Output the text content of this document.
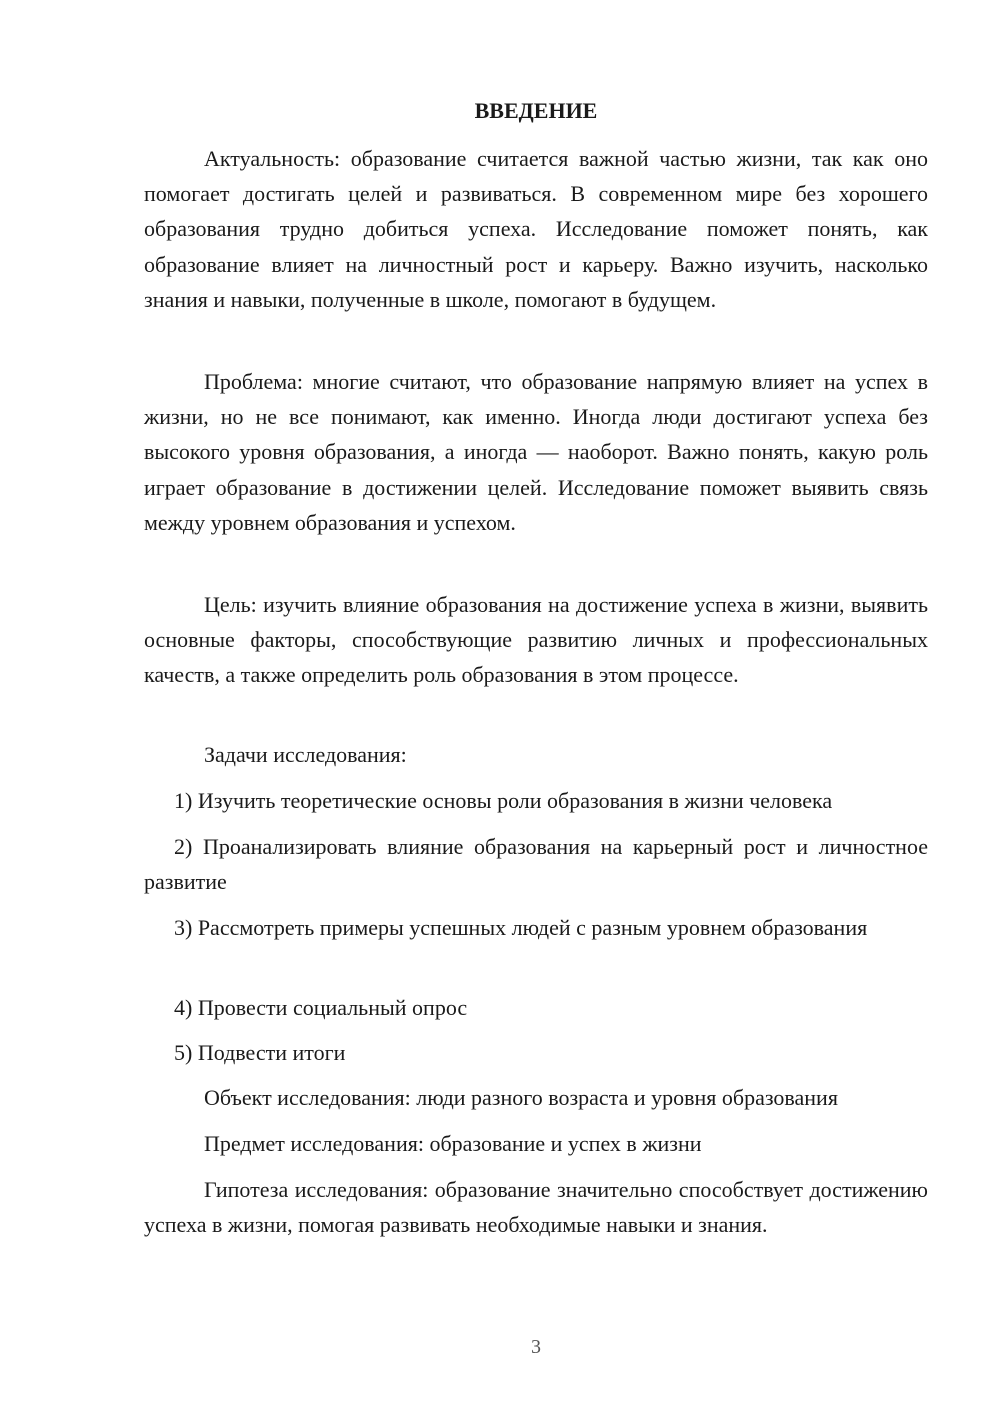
ВВЕДЕНИЕ

Актуальность: образование считается важной частью жизни, так как оно помогает достигать целей и развиваться. В современном мире без хорошего образования трудно добиться успеха. Исследование поможет понять, как образование влияет на личностный рост и карьеру. Важно изучить, насколько знания и навыки, полученные в школе, помогают в будущем.

Проблема: многие считают, что образование напрямую влияет на успех в жизни, но не все понимают, как именно. Иногда люди достигают успеха без высокого уровня образования, а иногда — наоборот. Важно понять, какую роль играет образование в достижении целей. Исследование поможет выявить связь между уровнем образования и успехом.

Цель: изучить влияние образования на достижение успеха в жизни, выявить основные факторы, способствующие развитию личных и профессиональных качеств, а также определить роль образования в этом процессе.

Задачи исследования:

1) Изучить теоретические основы роли образования в жизни человека

2) Проанализировать влияние образования на карьерный рост и личностное развитие

3) Рассмотреть примеры успешных людей с разным уровнем образования

4) Провести социальный опрос

5) Подвести итоги

Объект исследования: люди разного возраста и уровня образования

Предмет исследования: образование и успех в жизни

Гипотеза исследования: образование значительно способствует достижению успеха в жизни, помогая развивать необходимые навыки и знания.

3
